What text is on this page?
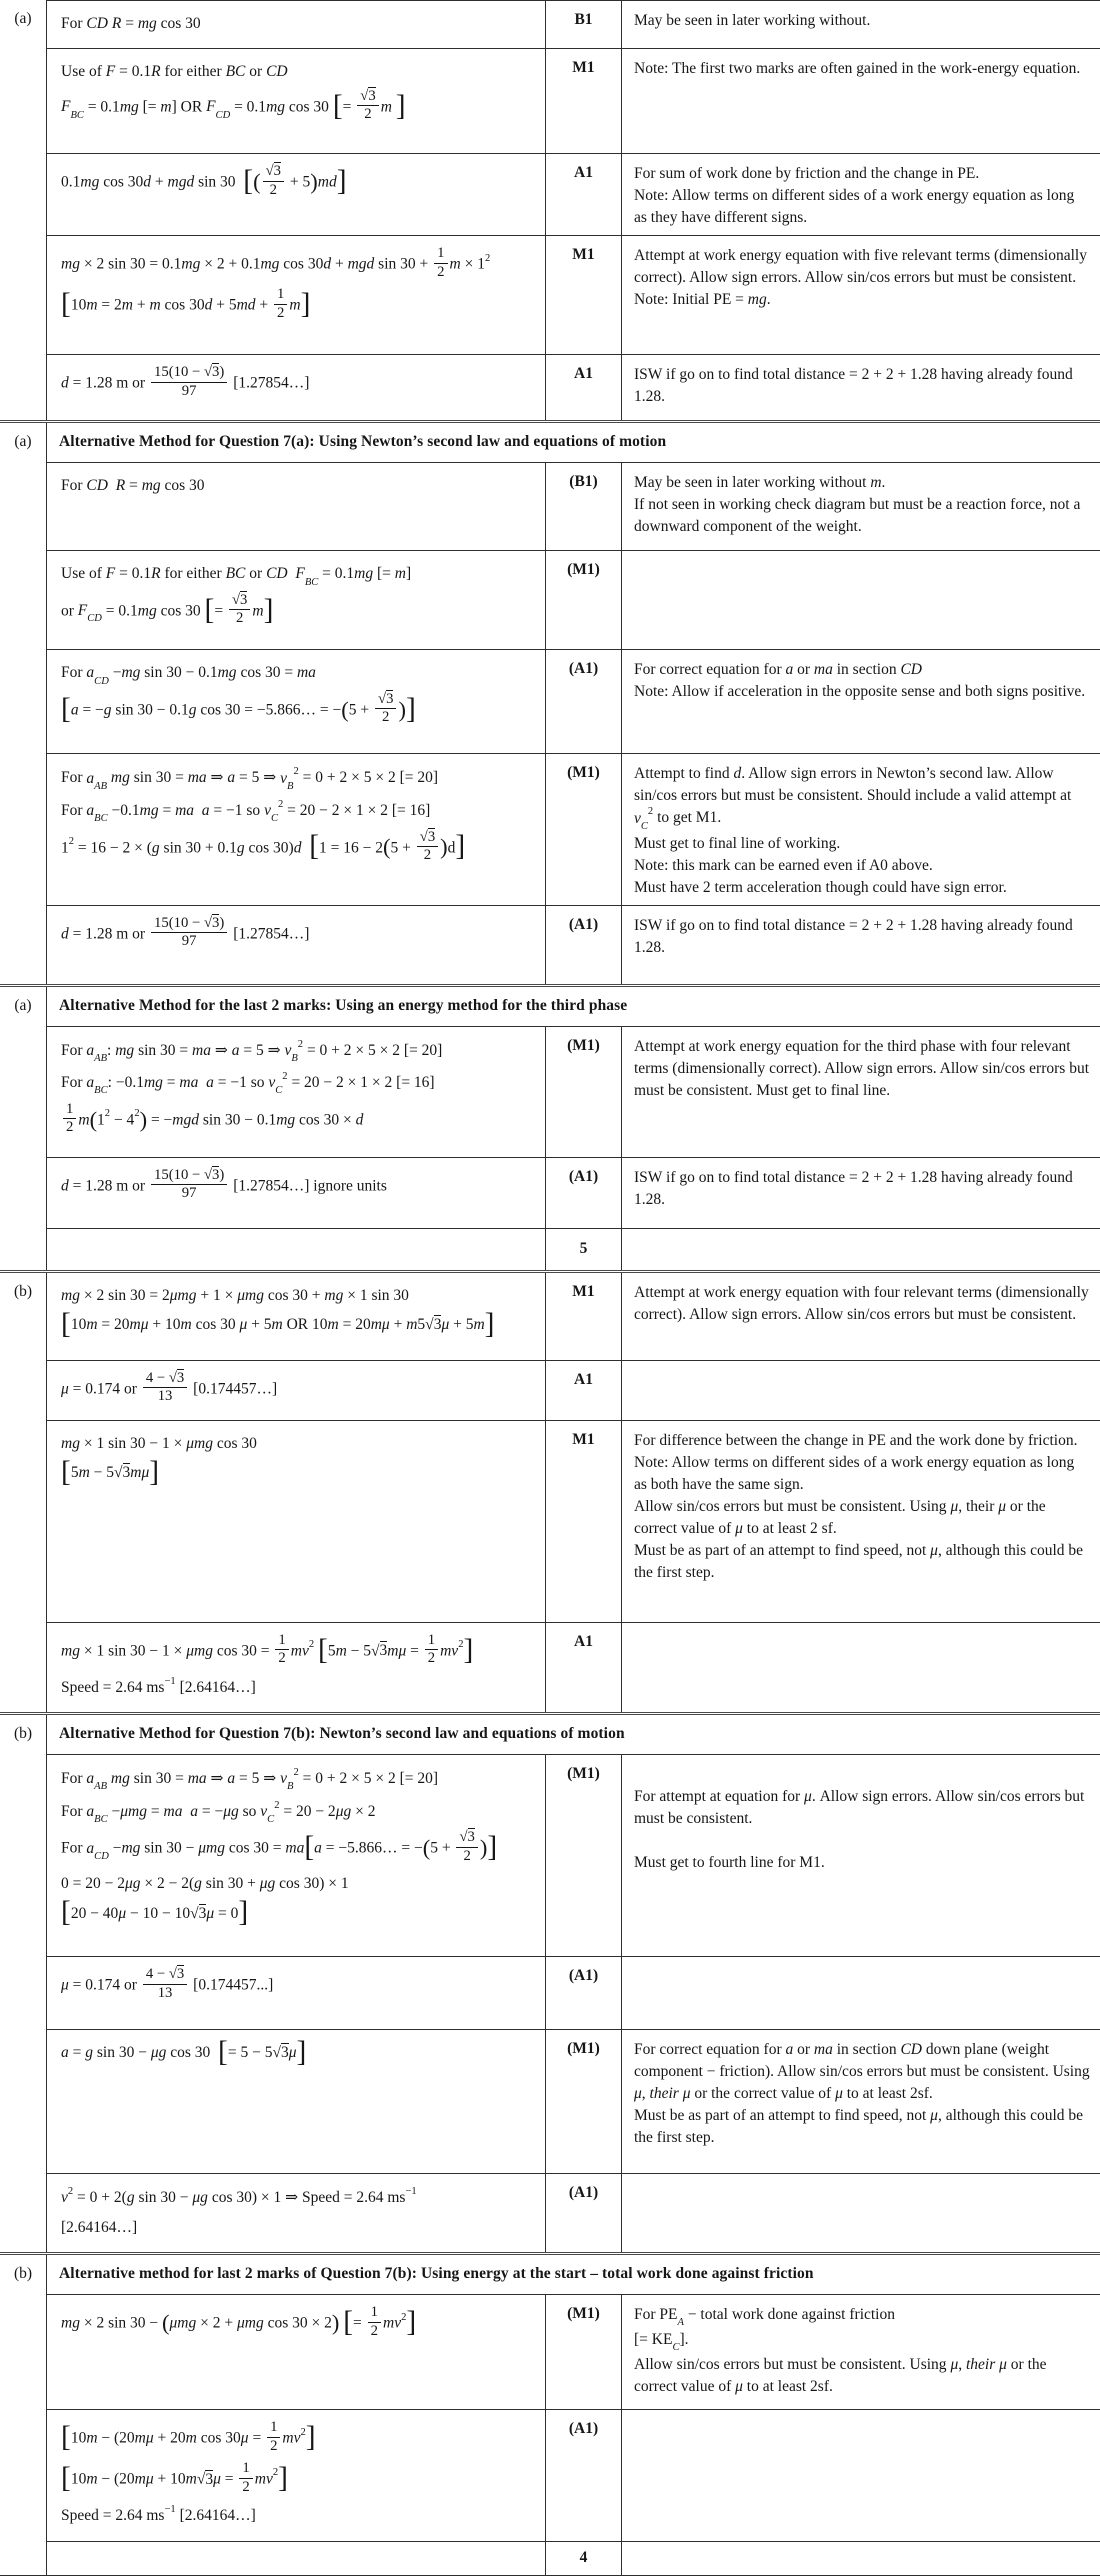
(a)	For CD R = mg cos 30	B1	May be seen in later working without.
Use of F = 0.1R for either BC or CD
$F_{BC} = 0.1mg$ [= m] OR $F_{CD} = 0.1mg$ cos 30 [= $\frac{√3}{2}$ m ]
M1	Note: The first two marks are often gained in the work-energy equation.
0.1mg cos 30d + mgd sin 30  [( $\frac{√3}{2} + 5)md$]	A1	For sum of work done by friction and the change in PE.
Note: Allow terms on different sides of a work energy equation as long as they have different signs.
mg × 2 sin 30 = 0.1mg × 2 + 0.1mg cos 30d + mgd $\sin 30 + \frac{1}{2}$ $m \times 1^2$
[10m = 2m + m $\cos 30d + 5md + \frac{1}{2} m$]
M1	Attempt at work energy equation with five relevant terms (dimensionally correct). Allow sign errors. Allow sin/cos errors but must be consistent.
Note: Initial PE = mg.
d = 1.28 m or $\frac{15(10 - √3)}{97}$ [1.27854…]
A1	ISW if go on to find total distance = 2 + 2 + 1.28 having already found 1.28.
(a)	Alternative Method for Question 7(a): Using Newton’s second law and equations of motion
For CD R = mg cos 30	(B1)	May be seen in later working without m.
If not seen in working check diagram but must be a reaction force, not a downward component of the weight.
Use of F = 0.1R for either BC or CD $F_{BC} = 0.1mg$ [= m]
or $F_{CD} = 0.1mg$ cos 30 [= $\frac{√3}{2} m$]
(M1)
For $a_{CD} -mg$ sin 30 − 0.1mg cos 30 = ma
[a = −g sin 30 − 0.1g cos 30 = −5.866… = $-(5 + \frac{√3}{2}$ )]
(A1)	For correct equation for a or ma in section CD
Note: Allow if acceleration in the opposite sense and both signs positive.
For $a_{AB}$ mg sin 30 = ma ⇒ a = 5 ⇒ $v_B^2 = 0 + 2 \times 5 \times 2$ [= 20]
For $a_{BC} -0.1mg$ = ma a = −1 so $v_C^2 = 20 - 2 \times 1 \times 2$ [= 16]
$1^2 = 16 - 2 \times (g$ sin 30 + 0.1g cos 30)d $[1 = 16 - 2(5 + \frac{√3}{2} )d]$
(M1)	Attempt to find d. Allow sign errors in Newton’s second law. Allow sin/cos errors but must be consistent. Should include a valid attempt at $v_C^2$ to get M1.
Must get to final line of working.
Note: this mark can be earned even if A0 above.
Must have 2 term acceleration though could have sign error.
d = 1.28 m or $\frac{15(10 - √3)}{97}$ [1.27854…]
(A1)	ISW if go on to find total distance = 2 + 2 + 1.28 having already found 1.28.
(a)	Alternative Method for the last 2 marks: Using an energy method for the third phase
For $a_{AB}$: mg sin 30 = ma ⇒ a = 5 ⇒ $v_B^2 = 0 + 2 \times 5 \times 2$ [= 20]
For $a_{BC}$: −0.1mg = ma a = −1 so $v_C^2 = 20 - 2 \times 1 \times 2$ [= 16]
$\frac{1}{2} m(1^2 - 4^2) = -mgd$ sin 30 − 0.1mg cos 30 × d
(M1)	Attempt at work energy equation for the third phase with four relevant terms (dimensionally correct). Allow sign errors. Allow sin/cos errors but must be consistent. Must get to final line.
d = 1.28 m or $\frac{15(10 - √3)}{97}$ [1.27854…] ignore units
(A1)	ISW if go on to find total distance = 2 + 2 + 1.28 having already found 1.28.
5
(b)	mg × 2 sin 30 = 2μmg + 1 × μmg cos 30 + mg × 1 sin 30
[10m = 20mμ + 10m cos 30 μ + 5m OR 10m = 20mμ + m5√3μ + 5m]
M1	Attempt at work energy equation with four relevant terms (dimensionally correct). Allow sign errors. Allow sin/cos errors but must be consistent.
μ = 0.174 or $\frac{4 - √3}{13}$ [0.174457…]
A1
mg × 1 sin 30 − 1 × μmg cos 30
[5m − 5√3mμ]
M1	For difference between the change in PE and the work done by friction.
Note: Allow terms on different sides of a work energy equation as long as both have the same sign.
Allow sin/cos errors but must be consistent. Using μ, their μ or the correct value of μ to at least 2 sf.
Must be as part of an attempt to find speed, not μ, although this could be the first step.
mg × 1 sin 30 − 1 × μmg $\cos 30 = \frac{1}{2} mv^2$ $[5m - 5√3m\mu = \frac{1}{2} mv^2]$
Speed = 2.64 $ms^{-1}$ [2.64164…]
A1
(b)	Alternative Method for Question 7(b): Newton’s second law and equations of motion
For $a_{AB}$ mg sin 30 = ma ⇒ a = 5 ⇒ $v_B^2 = 0 + 2 \times 5 \times 2$ [= 20]
For $a_{BC} -\mu mg$ = ma a = −μg so $v_C^2 = 20 - 2\mu g \times 2$
For $a_{CD} -mg$ sin 30 − μmg cos 30 = ma[a = −5.866… = $-(5 + \frac{√3}{2}$ )]
0 = 20 − 2μg × 2 − 2(g sin 30 + μg cos 30) × 1
[20 − 40μ − 10 − 10√3μ = 0]
(M1)

For attempt at equation for μ. Allow sign errors. Allow sin/cos errors but must be consistent.

Must get to fourth line for M1.
μ = 0.174 or $\frac{4 - √3}{13} [0.174457...]$
(A1)
a = g sin 30 − μg cos 30  [= 5 − 5√3μ]	(M1)	For correct equation for a or ma in section CD down plane (weight component − friction). Allow sin/cos errors but must be consistent. Using μ, their μ or the correct value of μ to at least 2sf.
Must be as part of an attempt to find speed, not μ, although this could be the first step.
$v^2 = 0 + 2(g$ sin 30 − μg cos 30) × 1 ⇒ Speed = 2.64 $ms^{-1}$
[2.64164…]
(A1)
(b)	Alternative method for last 2 marks of Question 7(b): Using energy at the start – total work done against friction
mg × 2 sin 30 − (μmg × 2 + μmg cos 30 × 2) [= $\frac{1}{2} mv^2$]	(M1)	For $PE_A$ − total work done against friction
[= $KE_C$].
Allow sin/cos errors but must be consistent. Using μ, their μ or the correct value of μ to at least 2sf.
[10m − (20mμ + 20m $\cos 30\mu = \frac{1}{2} mv^2$]
[$10m - (20m\mu + 10m√3\mu = \frac{1}{2} mv^2]$
Speed = 2.64 $ms^{-1}$ [2.64164…]
(A1)
4
